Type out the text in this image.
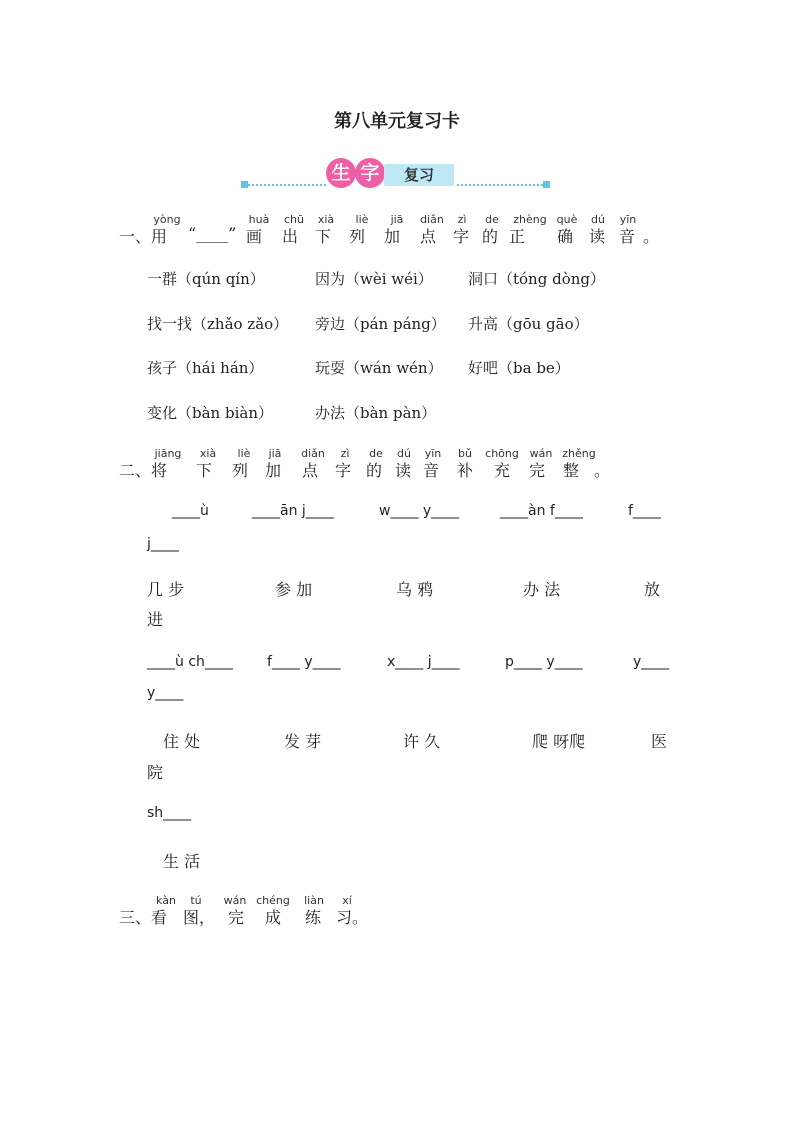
第八单元复习卡
生 字	复习
一、用 “____”
yòng	huà chū xià liè jiā diǎn zì de zhèng què dú yīn
画 出 下 列 加 点 字 的 正 确 读 音 。
一群（qún qín）	因为（wèi wéi） 洞口（tóng dòng）
找一找（zhǎo zǎo） 旁边（pán páng） 升高（gōu gāo）
孩子（hái hán）	玩耍（wán wén） 好吧（ba be）
变化（bàn biàn）	办法（bàn pàn）
二、将
jiāng xià liè jiā diǎn zì de dú yīn bǔ chōng wán zhěng
下 列 加 点 字 的 读 音 补 充 完 整 。
____ù	____ān j____	w____ y____	____àn f____	f____
j____
几 步	参 加	乌 鸦	办 法	放
进
____ù ch____ f____ y____	x____ j____	p____ y____	y____
y____
住 处	发 芽	许 久	爬 呀爬	医
院
sh____
生 活
三、看
kàn tú wán chéng liàn xí
图， 完 成 练 习。
